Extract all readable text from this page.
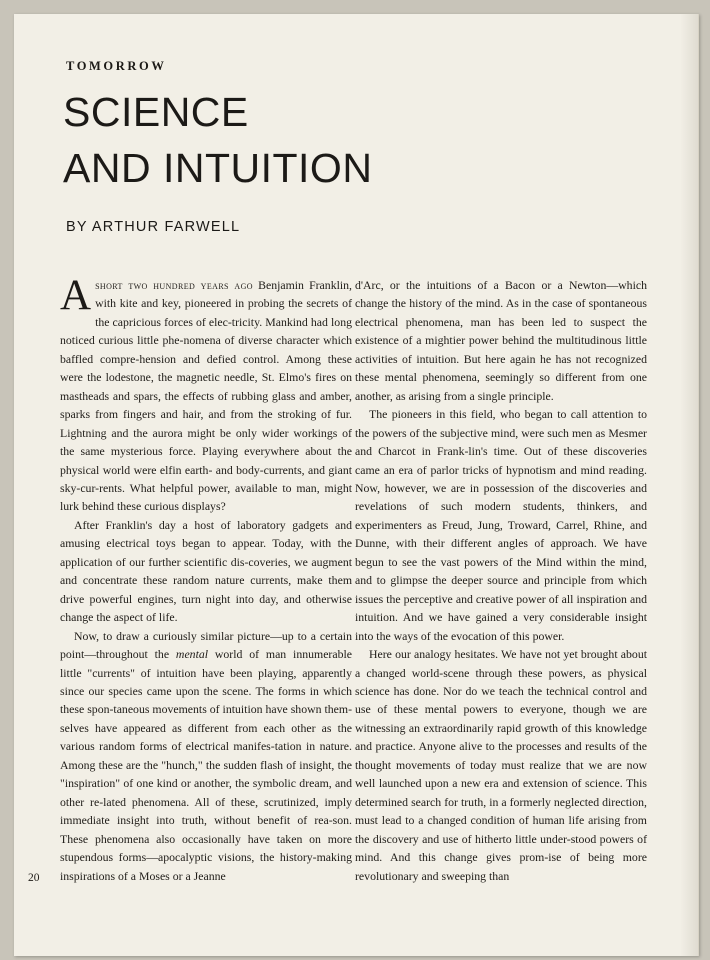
TOMORROW
SCIENCE
AND INTUITION
BY ARTHUR FARWELL

Ashort two hundred years ago Benjamin Franklin, with kite and key, pioneered in probing the secrets of the capricious forces of elec-tricity. Mankind had long noticed curious little phe-nomena of diverse character which baffled compre-hension and defied control. Among these were the lodestone, the magnetic needle, St. Elmo's fires on mastheads and spars, the effects of rubbing glass and amber, sparks from fingers and hair, and from the stroking of fur. Lightning and the aurora might be only wider workings of the same mysterious force. Playing everywhere about the physical world were elfin earth- and body-currents, and giant sky-cur-rents. What helpful power, available to man, might lurk behind these curious displays?

After Franklin's day a host of laboratory gadgets and amusing electrical toys began to appear. Today, with the application of our further scientific dis-coveries, we augment and concentrate these random nature currents, make them drive powerful engines, turn night into day, and otherwise change the aspect of life.

Now, to draw a curiously similar picture—up to a certain point—throughout the mental world of man innumerable little "currents" of intuition have been playing, apparently since our species came upon the scene. The forms in which these spon-taneous movements of intuition have shown them-selves have appeared as different from each other as the various random forms of electrical manifes-tation in nature. Among these are the "hunch," the sudden flash of insight, the "inspiration" of one kind or another, the symbolic dream, and other re-lated phenomena. All of these, scrutinized, imply immediate insight into truth, without benefit of rea-son. These phenomena also occasionally have taken on more stupendous forms—apocalyptic visions, the history-making inspirations of a Moses or a Jeanne

d'Arc, or the intuitions of a Bacon or a Newton—which change the history of the mind. As in the case of spontaneous electrical phenomena, man has been led to suspect the existence of a mightier power behind the multitudinous little activities of intuition. But here again he has not recognized these mental phenomena, seemingly so different from one another, as arising from a single principle.

The pioneers in this field, who began to call attention to the powers of the subjective mind, were such men as Mesmer and Charcot in Frank-lin's time. Out of these discoveries came an era of parlor tricks of hypnotism and mind reading. Now, however, we are in possession of the discoveries and revelations of such modern students, thinkers, and experimenters as Freud, Jung, Troward, Carrel, Rhine, and Dunne, with their different angles of approach. We have begun to see the vast powers of the Mind within the mind, and to glimpse the deeper source and principle from which issues the perceptive and creative power of all inspiration and intuition. And we have gained a very considerable insight into the ways of the evocation of this power.

Here our analogy hesitates. We have not yet brought about a changed world-scene through these powers, as physical science has done. Nor do we teach the technical control and use of these mental powers to everyone, though we are witnessing an extraordinarily rapid growth of this knowledge and practice. Anyone alive to the processes and results of the thought movements of today must realize that we are now well launched upon a new era and extension of science. This determined search for truth, in a formerly neglected direction, must lead to a changed condition of human life arising from the discovery and use of hitherto little under-stood powers of mind. And this change gives prom-ise of being more revolutionary and sweeping than

20
